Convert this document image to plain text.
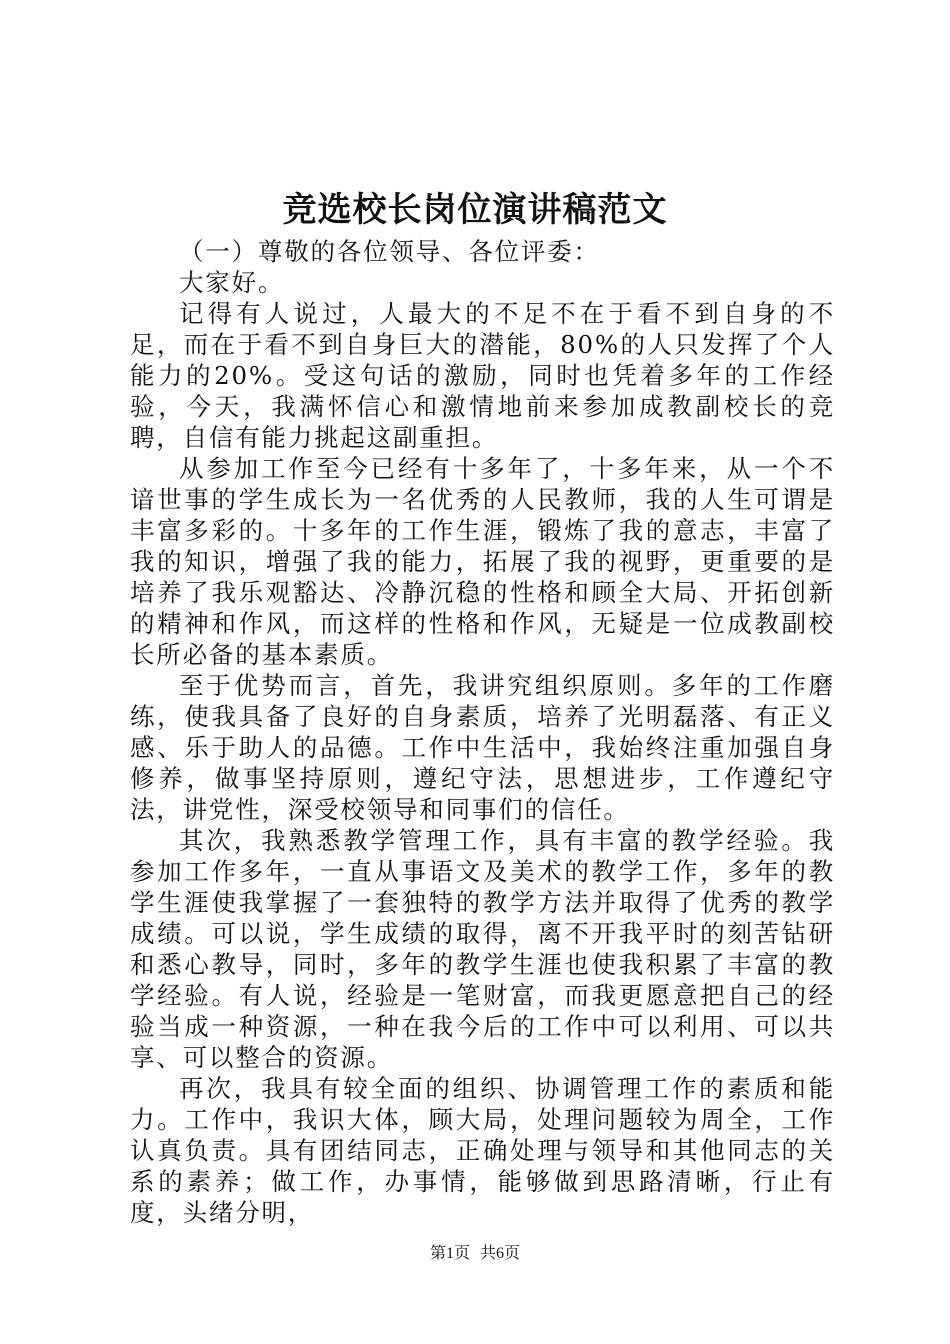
竞选校长岗位演讲稿范文

（一）尊敬的各位领导、各位评委：

大家好。

记得有人说过，人最大的不足不在于看不到自身的不足，而在于看不到自身巨大的潜能，80%的人只发挥了个人能力的20%。受这句话的激励，同时也凭着多年的工作经验，今天，我满怀信心和激情地前来参加成教副校长的竞聘，自信有能力挑起这副重担。

从参加工作至今已经有十多年了，十多年来，从一个不谙世事的学生成长为一名优秀的人民教师，我的人生可谓是丰富多彩的。十多年的工作生涯，锻炼了我的意志，丰富了我的知识，增强了我的能力，拓展了我的视野，更重要的是培养了我乐观豁达、冷静沉稳的性格和顾全大局、开拓创新的精神和作风，而这样的性格和作风，无疑是一位成教副校长所必备的基本素质。

至于优势而言，首先，我讲究组织原则。多年的工作磨练，使我具备了良好的自身素质，培养了光明磊落、有正义感、乐于助人的品德。工作中生活中，我始终注重加强自身修养，做事坚持原则，遵纪守法，思想进步，工作遵纪守法，讲党性，深受校领导和同事们的信任。

其次，我熟悉教学管理工作，具有丰富的教学经验。我参加工作多年，一直从事语文及美术的教学工作，多年的教学生涯使我掌握了一套独特的教学方法并取得了优秀的教学成绩。可以说，学生成绩的取得，离不开我平时的刻苦钻研和悉心教导，同时，多年的教学生涯也使我积累了丰富的教学经验。有人说，经验是一笔财富，而我更愿意把自己的经验当成一种资源，一种在我今后的工作中可以利用、可以共享、可以整合的资源。

再次，我具有较全面的组织、协调管理工作的素质和能力。工作中，我识大体，顾大局，处理问题较为周全，工作认真负责。具有团结同志，正确处理与领导和其他同志的关系的素养；做工作，办事情，能够做到思路清晰，行止有度，头绪分明，

第1页 共6页
